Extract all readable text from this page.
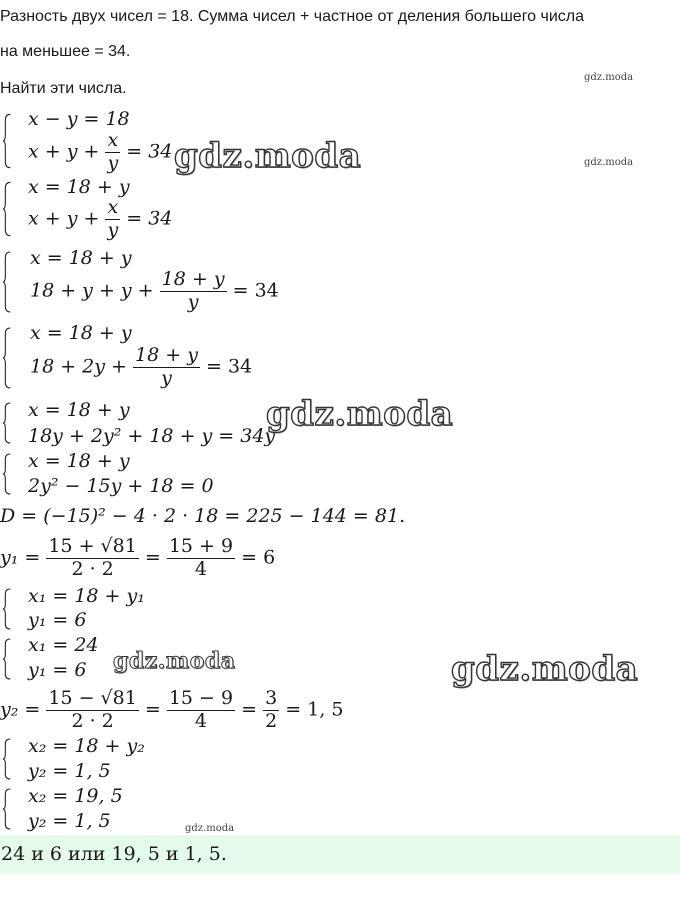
Разность двух чисел = 18. Сумма чисел + частное от деления большего числа
на меньшее = 34.
Найти эти числа.
gdz.moda
gdz.moda
gdz.moda
x − y = 18
$x + y + \frac{x}{y} = 34$
x = 18 + y
$x + y + \frac{x}{y} = 34$
x = 18 + y
$18 + y + y + \frac{18 + y}{y} = 34$
x = 18 + y
$18 + 2y + \frac{18 + y}{y} = 34$
x = 18 + y
18y + 2y² + 18 + y = 34y
x = 18 + y
2y² − 15y + 18 = 0
D = (−15)² − 4 · 2 · 18 = 225 − 144 = 81.
$y_1 = \frac{15 + √81}{2 \cdot 2} = \frac{15 + 9}{4} = 6$
x₁ = 18 + y₁
y₁ = 6
x₁ = 24
y₁ = 6
$y_2 = \frac{15 - √81}{2 \cdot 2} = \frac{15 - 9}{4} = \frac{3}{2} = 1$, 5
x₂ = 18 + y₂
y₂ = 1, 5
x₂ = 19, 5
y₂ = 1, 5
24 и 6 или 19, 5 и 1, 5.
gdz.moda
gdz.moda
gdz.moda	gdz.moda
